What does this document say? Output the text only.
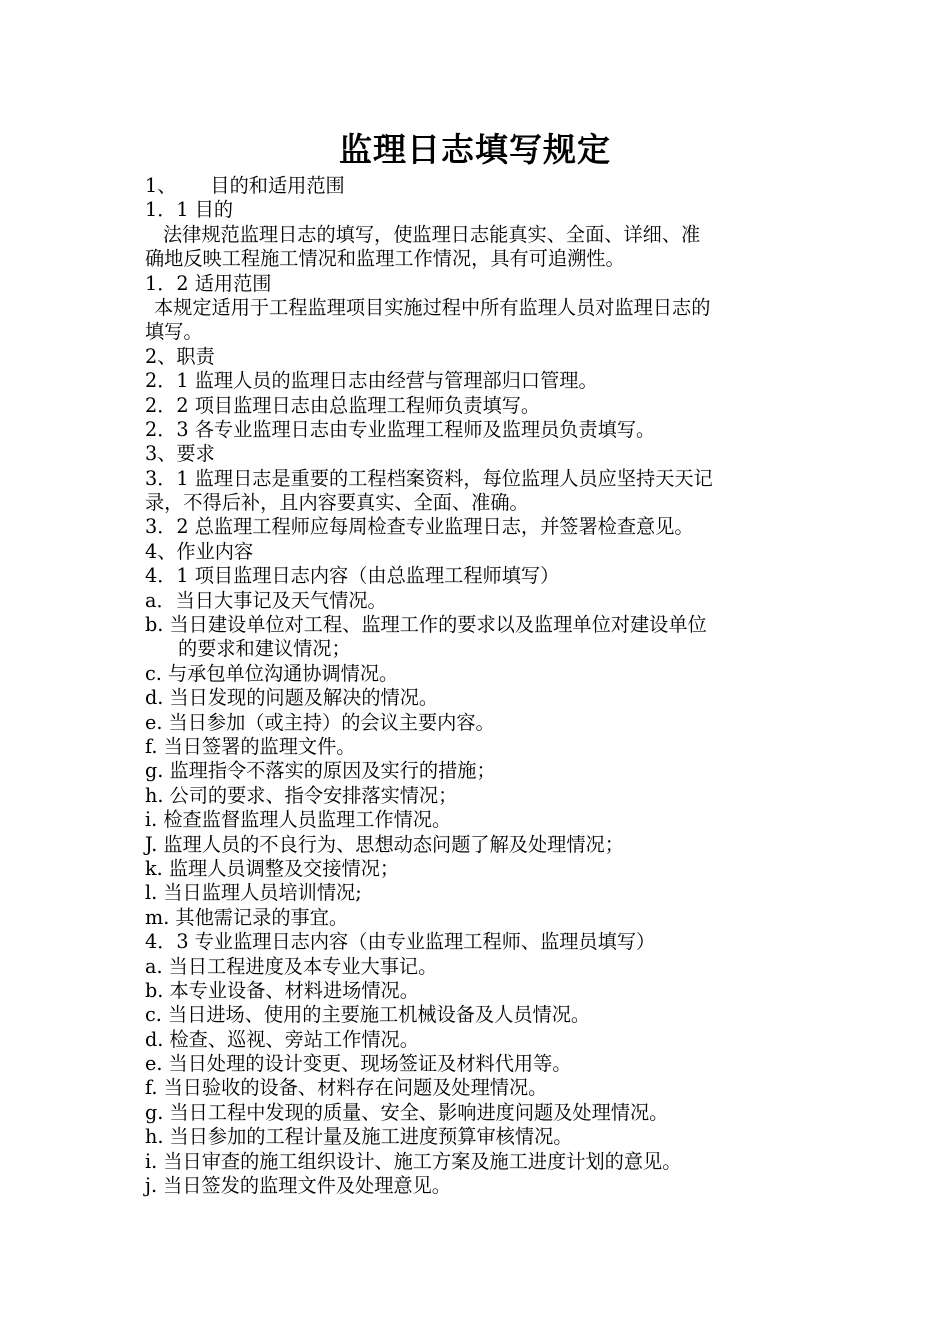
监理日志填写规定
1、 目的和适用范围
1．1 目的
法律规范监理日志的填写，使监理日志能真实、全面、详细、准
确地反映工程施工情况和监理工作情况，具有可追溯性。
1．2 适用范围
本规定适用于工程监理项目实施过程中所有监理人员对监理日志的
填写。
2、职责
2．1 监理人员的监理日志由经营与管理部归口管理。
2．2 项目监理日志由总监理工程师负责填写。
2．3 各专业监理日志由专业监理工程师及监理员负责填写。
3、要求
3．1 监理日志是重要的工程档案资料，每位监理人员应坚持天天记
录，不得后补，且内容要真实、全面、准确。
3．2 总监理工程师应每周检查专业监理日志，并签署检查意见。
4、作业内容
4．1 项目监理日志内容（由总监理工程师填写）
a．当日大事记及天气情况。
b. 当日建设单位对工程、监理工作的要求以及监理单位对建设单位
的要求和建议情况；
c. 与承包单位沟通协调情况。
d. 当日发现的问题及解决的情况。
e. 当日参加（或主持）的会议主要内容。
f. 当日签署的监理文件。
g. 监理指令不落实的原因及实行的措施；
h. 公司的要求、指令安排落实情况；
i. 检查监督监理人员监理工作情况。
J. 监理人员的不良行为、思想动态问题了解及处理情况；
k. 监理人员调整及交接情况；
l. 当日监理人员培训情况;
m. 其他需记录的事宜。
4．3 专业监理日志内容（由专业监理工程师、监理员填写）
a. 当日工程进度及本专业大事记。
b. 本专业设备、材料进场情况。
c. 当日进场、使用的主要施工机械设备及人员情况。
d. 检查、巡视、旁站工作情况。
e. 当日处理的设计变更、现场签证及材料代用等。
f. 当日验收的设备、材料存在问题及处理情况。
g. 当日工程中发现的质量、安全、影响进度问题及处理情况。
h. 当日参加的工程计量及施工进度预算审核情况。
i. 当日审查的施工组织设计、施工方案及施工进度计划的意见。
j. 当日签发的监理文件及处理意见。
